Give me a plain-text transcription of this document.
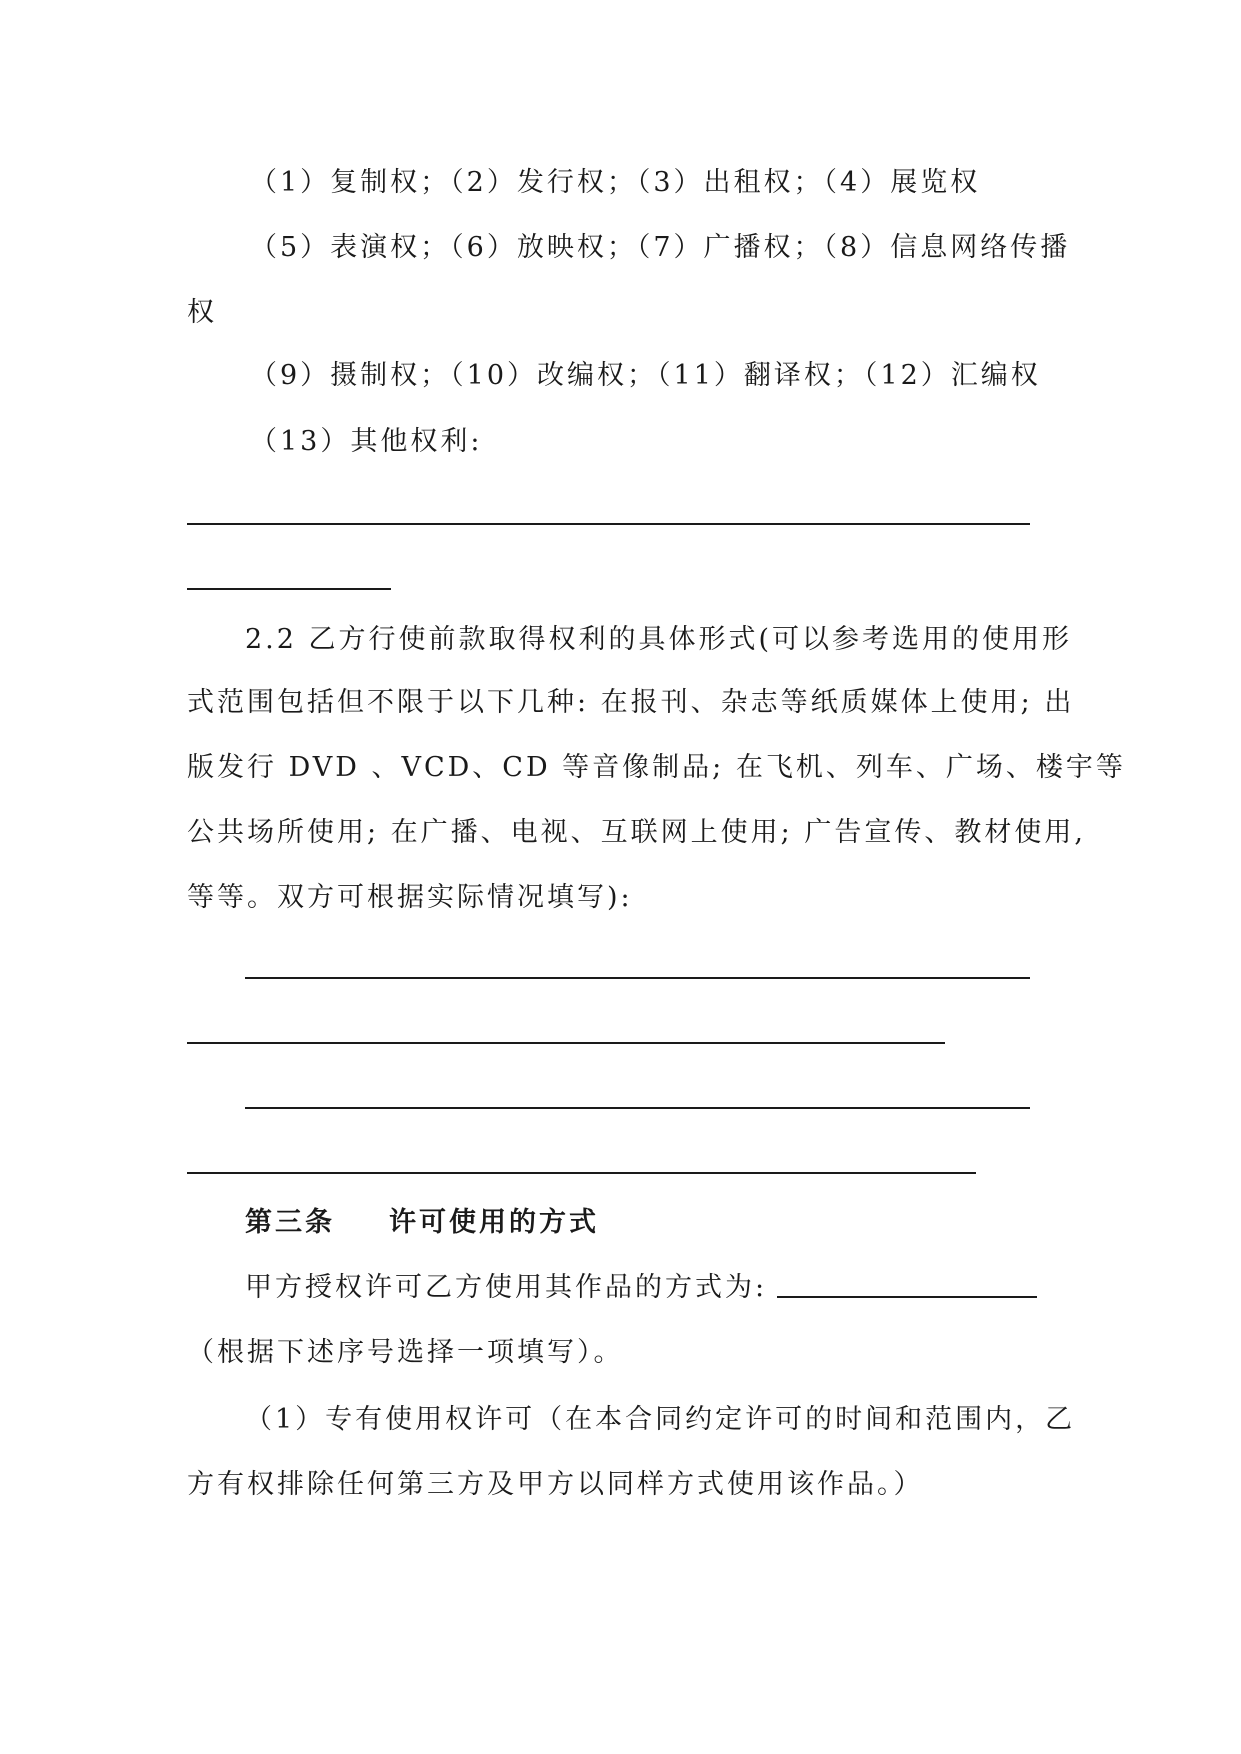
（1）复制权；（2）发行权；（3）出租权；（4）展览权
（5）表演权；（6）放映权；（7）广播权；（8）信息网络传播
权
（9）摄制权；（10）改编权；（11）翻译权；（12）汇编权
（13）其他权利:
2.2 乙方行使前款取得权利的具体形式(可以参考选用的使用形
式范围包括但不限于以下几种: 在报刊、杂志等纸质媒体上使用; 出
版发行 DVD 、VCD、CD 等音像制品; 在飞机、列车、广场、楼宇等
公共场所使用; 在广播、电视、互联网上使用; 广告宣传、教材使用,
等等。双方可根据实际情况填写):
第三条 许可使用的方式
甲方授权许可乙方使用其作品的方式为:
（根据下述序号选择一项填写）。
（1）专有使用权许可（在本合同约定许可的时间和范围内，乙
方有权排除任何第三方及甲方以同样方式使用该作品。）
